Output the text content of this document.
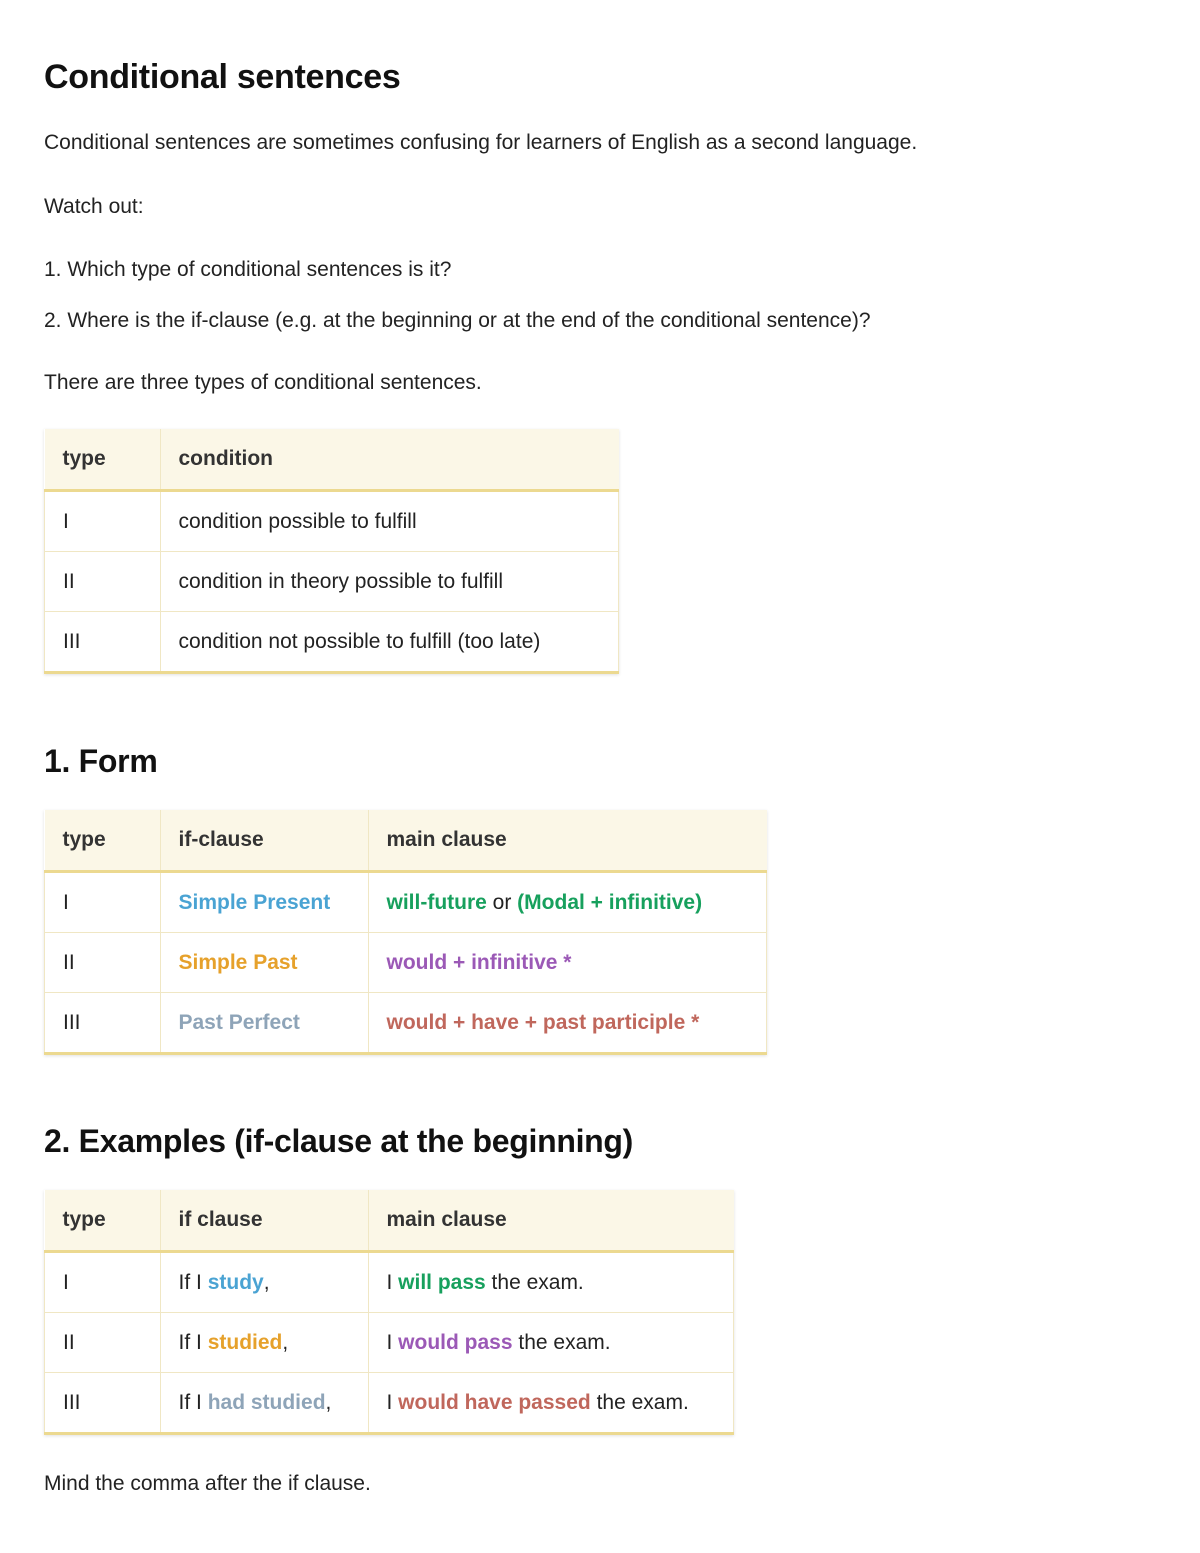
Conditional sentences

Conditional sentences are sometimes confusing for learners of English as a second language.

Watch out:

1. Which type of conditional sentences is it?

2. Where is the if-clause (e.g. at the beginning or at the end of the conditional sentence)?

There are three types of conditional sentences.

type	condition
I	condition possible to fulfill
II	condition in theory possible to fulfill
III	condition not possible to fulfill (too late)
1. Form
type	if-clause	main clause
I	Simple Present	will-future or (Modal + infinitive)
II	Simple Past	would + infinitive *
III	Past Perfect	would + have + past participle *
2. Examples (if-clause at the beginning)
type	if clause	main clause
I	If I study,	I will pass the exam.
II	If I studied,	I would pass the exam.
III	If I had studied,	I would have passed the exam.

Mind the comma after the if clause.
